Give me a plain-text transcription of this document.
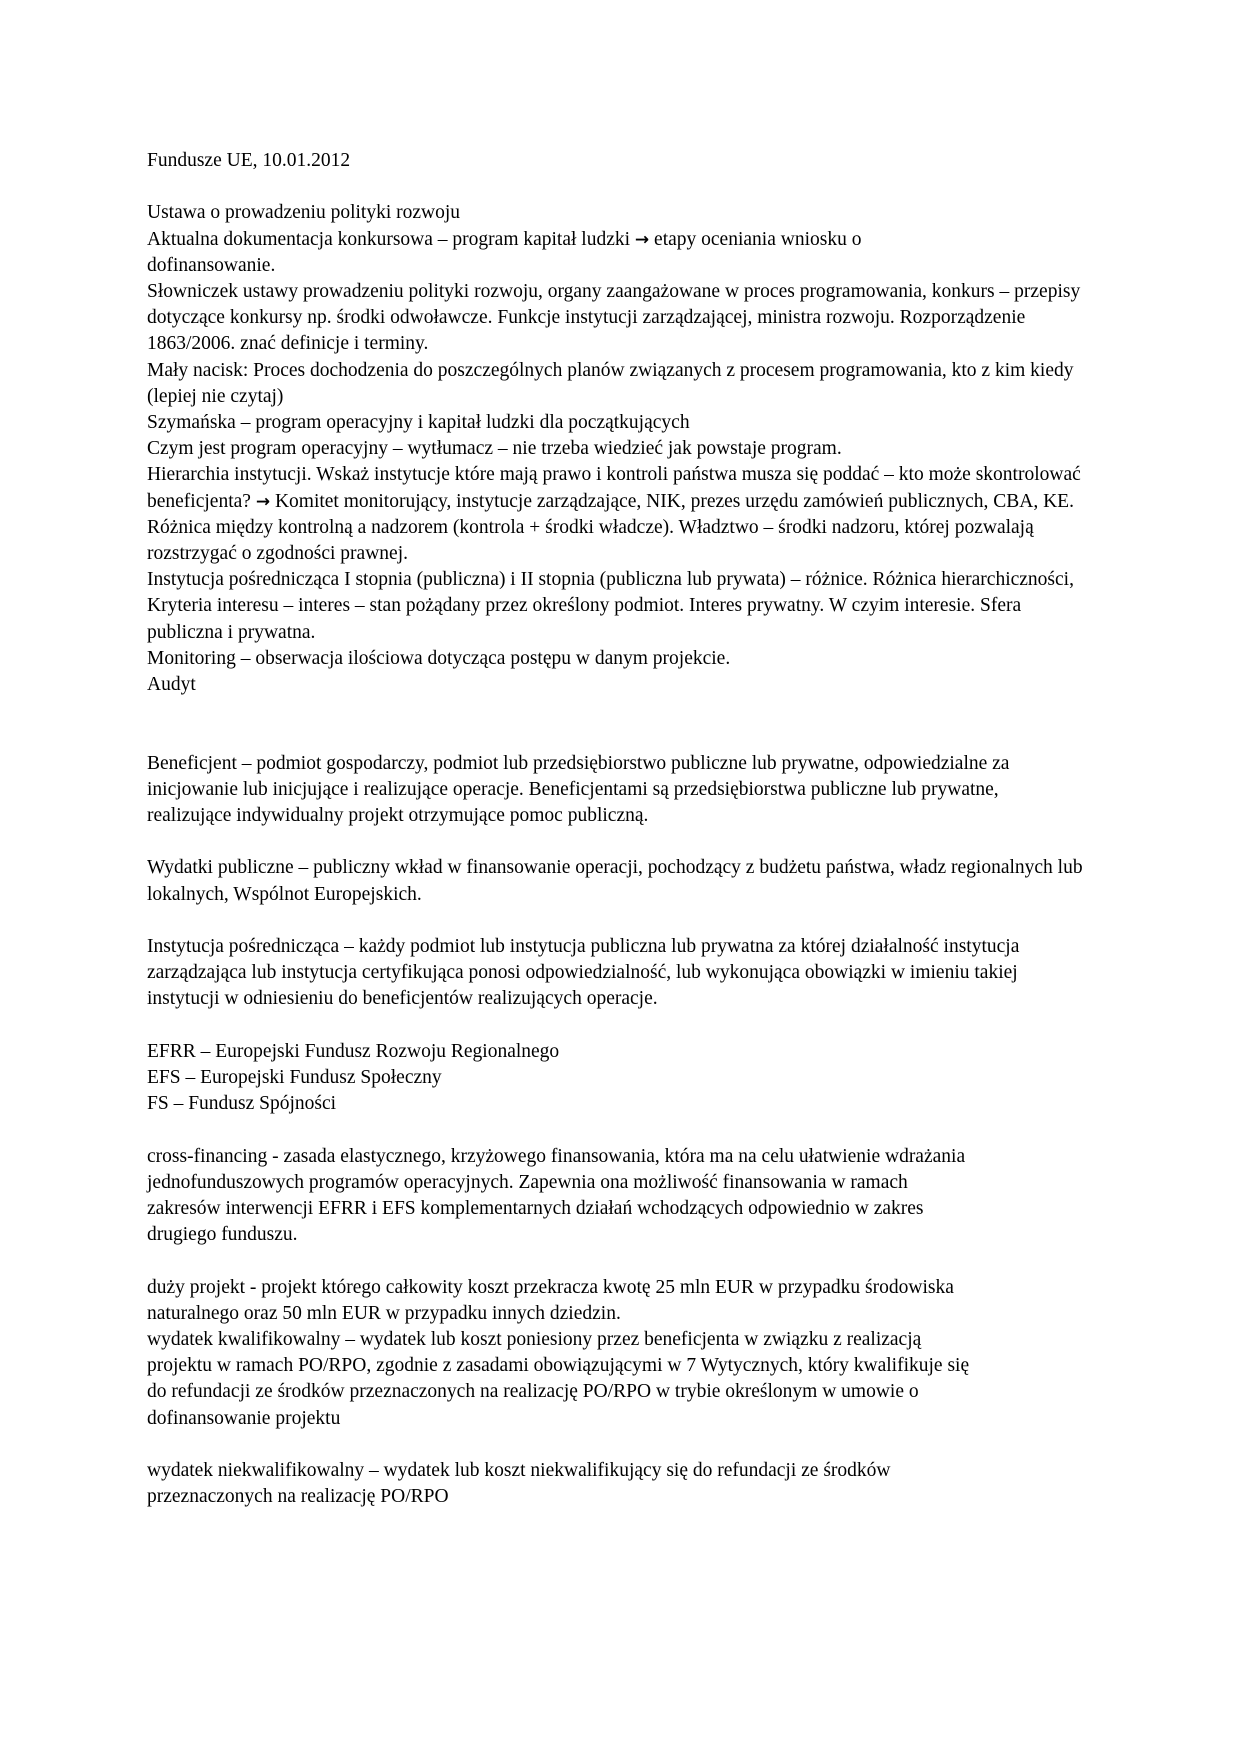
Fundusze UE, 10.01.2012

Ustawa o prowadzeniu polityki rozwoju

Aktualna dokumentacja konkursowa – program kapitał ludzki → etapy oceniania wniosku o dofinansowanie.

Słowniczek ustawy prowadzeniu polityki rozwoju, organy zaangażowane w proces programowania, konkurs – przepisy dotyczące konkursy np. środki odwoławcze. Funkcje instytucji zarządzającej, ministra rozwoju. Rozporządzenie 1863/2006. znać definicje i terminy.

Mały nacisk: Proces dochodzenia do poszczególnych planów związanych z procesem programowania, kto z kim kiedy (lepiej nie czytaj)

Szymańska – program operacyjny i kapitał ludzki dla początkujących

Czym jest program operacyjny – wytłumacz – nie trzeba wiedzieć jak powstaje program.

Hierarchia instytucji. Wskaż instytucje które mają prawo i kontroli państwa musza się poddać – kto może skontrolować beneficjenta? → Komitet monitorujący, instytucje zarządzające, NIK, prezes urzędu zamówień publicznych, CBA, KE.

Różnica między kontrolną a nadzorem (kontrola + środki władcze). Władztwo – środki nadzoru, której pozwalają rozstrzygać o zgodności prawnej.

Instytucja pośrednicząca I stopnia (publiczna) i II stopnia (publiczna lub prywata) – różnice. Różnica hierarchiczności,

Kryteria interesu – interes – stan pożądany przez określony podmiot. Interes prywatny. W czyim interesie. Sfera publiczna i prywatna.

Monitoring – obserwacja ilościowa dotycząca postępu w danym projekcie.

Audyt

Beneficjent – podmiot gospodarczy, podmiot lub przedsiębiorstwo publiczne lub prywatne, odpowiedzialne za inicjowanie lub inicjujące i realizujące operacje. Beneficjentami są przedsiębiorstwa publiczne lub prywatne, realizujące indywidualny projekt otrzymujące pomoc publiczną.

Wydatki publiczne – publiczny wkład w finansowanie operacji, pochodzący z budżetu państwa, władz regionalnych lub lokalnych, Wspólnot Europejskich.

Instytucja pośrednicząca – każdy podmiot lub instytucja publiczna lub prywatna za której działalność instytucja zarządzająca lub instytucja certyfikująca ponosi odpowiedzialność, lub wykonująca obowiązki w imieniu takiej instytucji w odniesieniu do beneficjentów realizujących operacje.

EFRR – Europejski Fundusz Rozwoju Regionalnego

EFS – Europejski Fundusz Społeczny

FS – Fundusz Spójności

cross-financing - zasada elastycznego, krzyżowego finansowania, która ma na celu ułatwienie wdrażania jednofunduszowych programów operacyjnych. Zapewnia ona możliwość finansowania w ramach zakresów interwencji EFRR i EFS komplementarnych działań wchodzących odpowiednio w zakres drugiego funduszu.

duży projekt - projekt którego całkowity koszt przekracza kwotę 25 mln EUR w przypadku środowiska naturalnego oraz 50 mln EUR w przypadku innych dziedzin.

wydatek kwalifikowalny – wydatek lub koszt poniesiony przez beneficjenta w związku z realizacją projektu w ramach PO/RPO, zgodnie z zasadami obowiązującymi w 7 Wytycznych, który kwalifikuje się do refundacji ze środków przeznaczonych na realizację PO/RPO w trybie określonym w umowie o dofinansowanie projektu

wydatek niekwalifikowalny – wydatek lub koszt niekwalifikujący się do refundacji ze środków przeznaczonych na realizację PO/RPO
